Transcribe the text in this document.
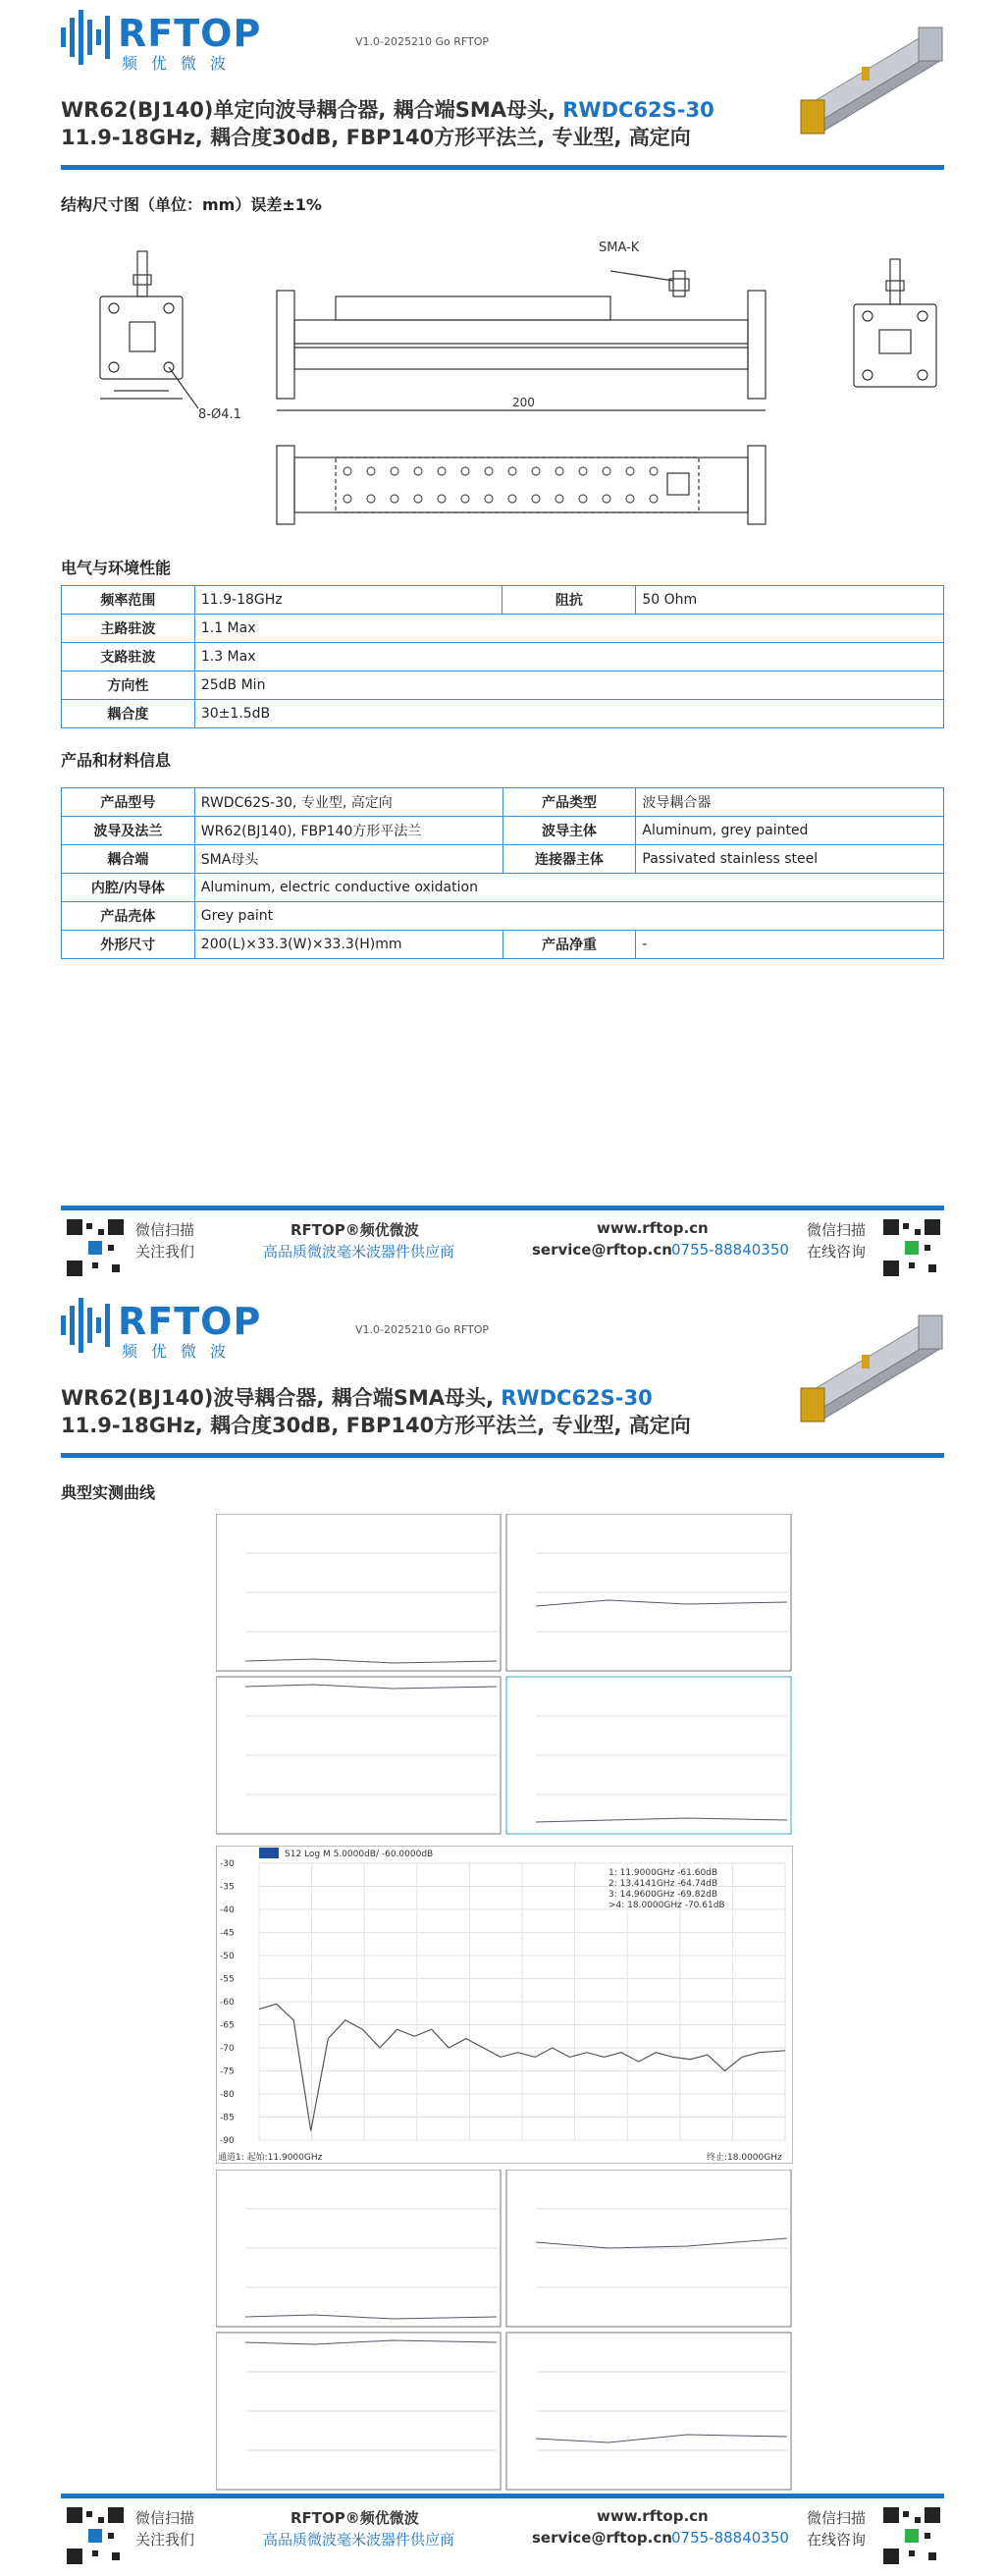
RFTOP
频优微波
V1.0-2025210 Go RFTOP
WR62(BJ140)单定向波导耦合器, 耦合端SMA母头, RWDC62S-30
11.9-18GHz, 耦合度30dB, FBP140方形平法兰, 专业型, 高定向
结构尺寸图（单位：mm）误差±1%
8-Ø4.1
SMA-K
200
电气与环境性能
频率范围	11.9-18GHz	阻抗	50 Ohm
主路驻波	1.1 Max		
支路驻波	1.3 Max		
方向性	25dB Min		
耦合度	30±1.5dB		
产品和材料信息
产品型号	RWDC62S-30, 专业型, 高定向	产品类型	波导耦合器
波导及法兰	WR62(BJ140), FBP140方形平法兰	波导主体	Aluminum, grey painted
耦合端	SMA母头	连接器主体	Passivated stainless steel
内腔/内导体	Aluminum, electric conductive oxidation		
产品壳体	Grey paint		
外形尺寸	200(L)×33.3(W)×33.3(H)mm	产品净重	-
微信扫描
关注我们
RFTOP®频优微波
高品质微波毫米波器件供应商
www.rftop.cn
service@rftop.cn 0755-88840350
微信扫描
在线咨询
RFTOP
频优微波
V1.0-2025210 Go RFTOP
WR62(BJ140)波导耦合器, 耦合端SMA母头, RWDC62S-30
11.9-18GHz, 耦合度30dB, FBP140方形平法兰, 专业型, 高定向
典型实测曲线
S12 Log M 5.0000dB/ -60.0000dB
-30
-35
-40
-45
-50
-55
-60
-65
-70
-75
-80
-85
-90
1: 11.9000GHz -61.60dB
2: 13.4141GHz -64.74dB
3: 14.9600GHz -69.82dB
>4: 18.0000GHz -70.61dB
通道1: 起始:11.9000GHz	终止:18.0000GHz
微信扫描
关注我们
RFTOP®频优微波
高品质微波毫米波器件供应商
www.rftop.cn
service@rftop.cn 0755-88840350
微信扫描
在线咨询
